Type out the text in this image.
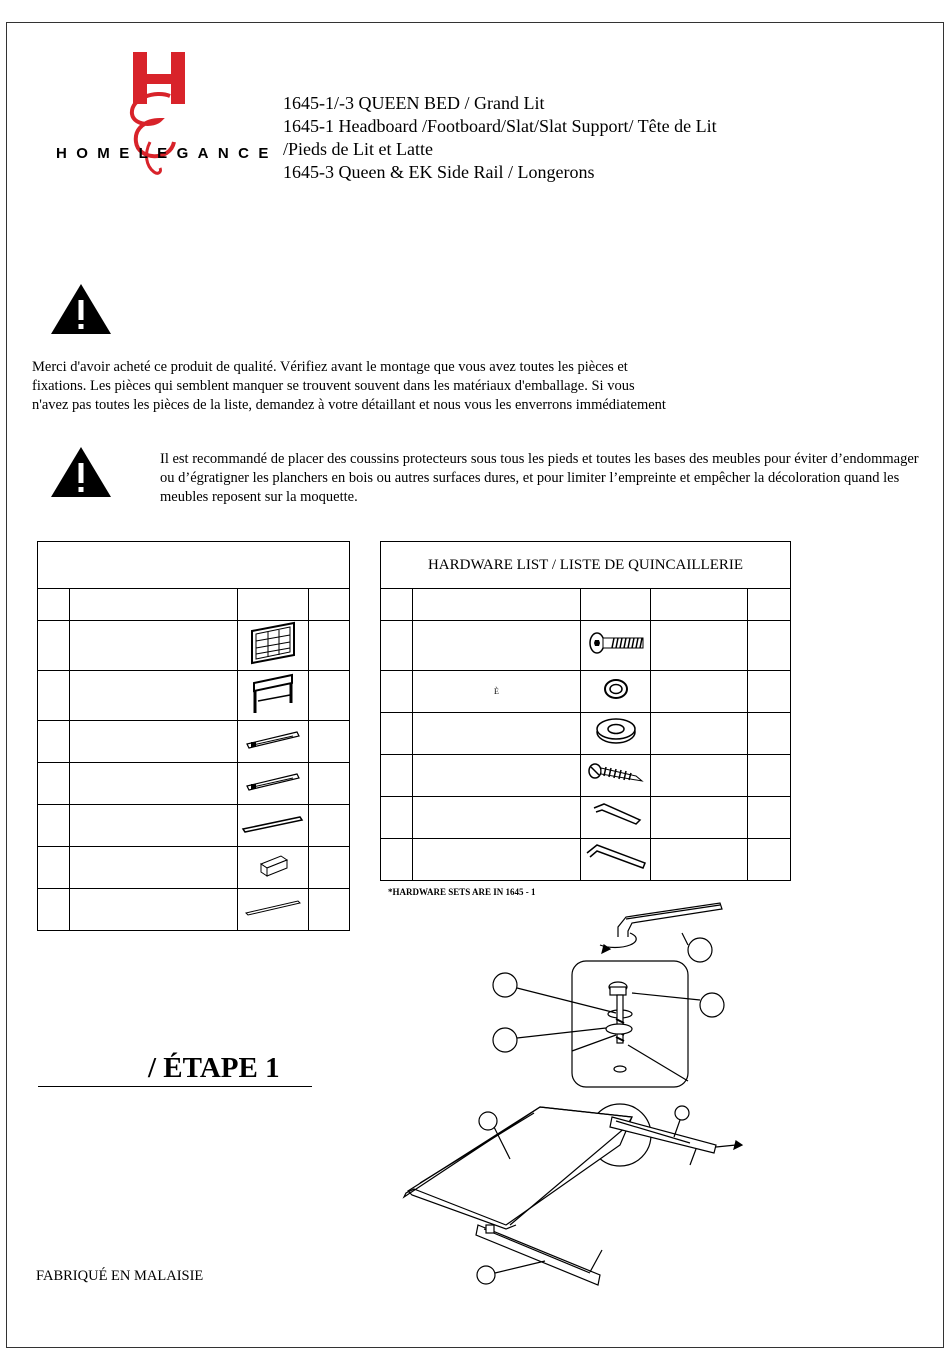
HOMELEGANCE
1645-1/-3 QUEEN BED / Grand Lit
1645-1 Headboard /Footboard/Slat/Slat Support/ Tête de Lit
/Pieds de Lit et Latte
1645-3 Queen & EK Side Rail / Longerons
Merci d'avoir acheté ce produit de qualité. Vérifiez avant le montage que vous avez toutes les pièces et fixations. Les pièces qui semblent manquer se trouvent souvent dans les matériaux d'emballage. Si vous n'avez pas toutes les pièces de la liste, demandez à votre détaillant et nous vous les enverrons immédiatement
Il est recommandé de placer des coussins protecteurs sous tous les pieds et toutes les bases des meubles pour éviter d’endommager ou d’égratigner les planchers en bois ou autres surfaces dures, et pour limiter l’empreinte et empêcher la décoloration quand les meubles reposent sur la moquette.

HARDWARE LIST / LISTE DE QUINCAILLERIE				

	È			

*HARDWARE SETS ARE IN 1645 - 1
/ ÉTAPE 1
FABRIQUÉ EN MALAISIE
